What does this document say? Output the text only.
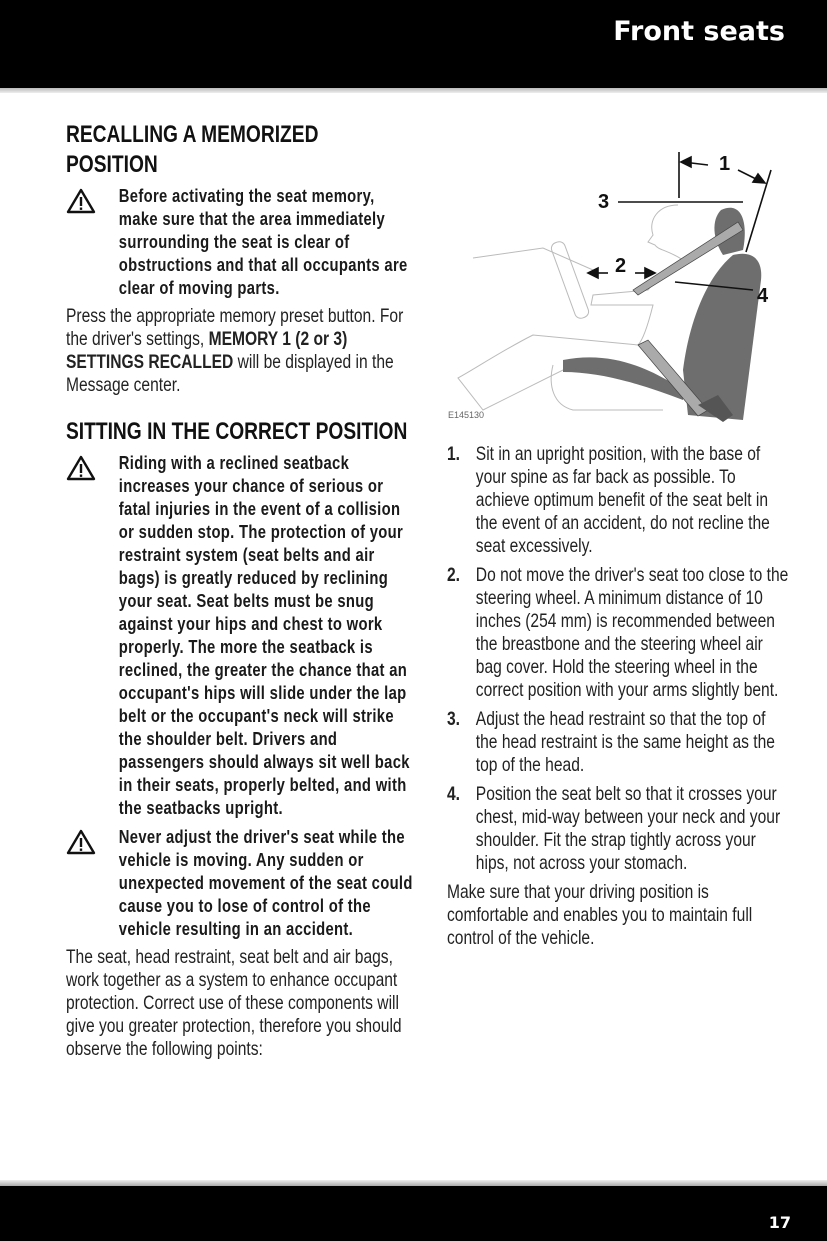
Front seats
RECALLING A MEMORIZED POSITION
Before activating the seat memory, make sure that the area immediately surrounding the seat is clear of obstructions and that all occupants are clear of moving parts.
Press the appropriate memory preset button. For the driver's settings, MEMORY 1 (2 or 3) SETTINGS RECALLED will be displayed in the Message center.
SITTING IN THE CORRECT POSITION
Riding with a reclined seatback increases your chance of serious or fatal injuries in the event of a collision or sudden stop. The protection of your restraint system (seat belts and air bags) is greatly reduced by reclining your seat. Seat belts must be snug against your hips and chest to work properly. The more the seatback is reclined, the greater the chance that an occupant's hips will slide under the lap belt or the occupant's neck will strike the shoulder belt. Drivers and passengers should always sit well back in their seats, properly belted, and with the seatbacks upright.
Never adjust the driver's seat while the vehicle is moving. Any sudden or unexpected movement of the seat could cause you to lose of control of the vehicle resulting in an accident.
The seat, head restraint, seat belt and air bags, work together as a system to enhance occupant protection. Correct use of these components will give you greater protection, therefore you should observe the following points:
1
2
3
4
E145130
1. Sit in an upright position, with the base of your spine as far back as possible. To achieve optimum benefit of the seat belt in the event of an accident, do not recline the seat excessively.
2. Do not move the driver's seat too close to the steering wheel. A minimum distance of 10 inches (254 mm) is recommended between the breastbone and the steering wheel air bag cover. Hold the steering wheel in the correct position with your arms slightly bent.
3. Adjust the head restraint so that the top of the head restraint is the same height as the top of the head.
4. Position the seat belt so that it crosses your chest, mid-way between your neck and your shoulder. Fit the strap tightly across your hips, not across your stomach.
Make sure that your driving position is comfortable and enables you to maintain full control of the vehicle.
17
